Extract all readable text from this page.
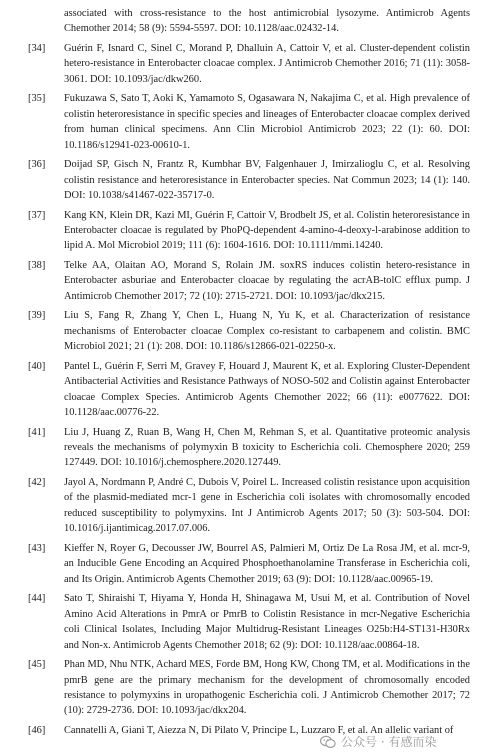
associated with cross-resistance to the host antimicrobial lysozyme. Antimicrob Agents Chemother 2014; 58 (9): 5594-5597. DOI: 10.1128/aac.02432-14.
[34]	Guérin F, Isnard C, Sinel C, Morand P, Dhalluin A, Cattoir V, et al. Cluster-dependent colistin hetero-resistance in Enterobacter cloacae complex. J Antimicrob Chemother 2016; 71 (11): 3058-3061. DOI: 10.1093/jac/dkw260.
[35]	Fukuzawa S, Sato T, Aoki K, Yamamoto S, Ogasawara N, Nakajima C, et al. High prevalence of colistin heteroresistance in specific species and lineages of Enterobacter cloacae complex derived from human clinical specimens. Ann Clin Microbiol Antimicrob 2023; 22 (1): 60. DOI: 10.1186/s12941-023-00610-1.
[36]	Doijad SP, Gisch N, Frantz R, Kumbhar BV, Falgenhauer J, Imirzalioglu C, et al. Resolving colistin resistance and heteroresistance in Enterobacter species. Nat Commun 2023; 14 (1): 140. DOI: 10.1038/s41467-022-35717-0.
[37]	Kang KN, Klein DR, Kazi MI, Guérin F, Cattoir V, Brodbelt JS, et al. Colistin heteroresistance in Enterobacter cloacae is regulated by PhoPQ-dependent 4-amino-4-deoxy-l-arabinose addition to lipid A. Mol Microbiol 2019; 111 (6): 1604-1616. DOI: 10.1111/mmi.14240.
[38]	Telke AA, Olaitan AO, Morand S, Rolain JM. soxRS induces colistin hetero-resistance in Enterobacter asburiae and Enterobacter cloacae by regulating the acrAB-tolC efflux pump. J Antimicrob Chemother 2017; 72 (10): 2715-2721. DOI: 10.1093/jac/dkx215.
[39]	Liu S, Fang R, Zhang Y, Chen L, Huang N, Yu K, et al. Characterization of resistance mechanisms of Enterobacter cloacae Complex co-resistant to carbapenem and colistin. BMC Microbiol 2021; 21 (1): 208. DOI: 10.1186/s12866-021-02250-x.
[40]	Pantel L, Guérin F, Serri M, Gravey F, Houard J, Maurent K, et al. Exploring Cluster-Dependent Antibacterial Activities and Resistance Pathways of NOSO-502 and Colistin against Enterobacter cloacae Complex Species. Antimicrob Agents Chemother 2022; 66 (11): e0077622. DOI: 10.1128/aac.00776-22.
[41]	Liu J, Huang Z, Ruan B, Wang H, Chen M, Rehman S, et al. Quantitative proteomic analysis reveals the mechanisms of polymyxin B toxicity to Escherichia coli. Chemosphere 2020; 259 127449. DOI: 10.1016/j.chemosphere.2020.127449.
[42]	Jayol A, Nordmann P, André C, Dubois V, Poirel L. Increased colistin resistance upon acquisition of the plasmid-mediated mcr-1 gene in Escherichia coli isolates with chromosomally encoded reduced susceptibility to polymyxins. Int J Antimicrob Agents 2017; 50 (3): 503-504. DOI: 10.1016/j.ijantimicag.2017.07.006.
[43]	Kieffer N, Royer G, Decousser JW, Bourrel AS, Palmieri M, Ortiz De La Rosa JM, et al. mcr-9, an Inducible Gene Encoding an Acquired Phosphoethanolamine Transferase in Escherichia coli, and Its Origin. Antimicrob Agents Chemother 2019; 63 (9): DOI: 10.1128/aac.00965-19.
[44]	Sato T, Shiraishi T, Hiyama Y, Honda H, Shinagawa M, Usui M, et al. Contribution of Novel Amino Acid Alterations in PmrA or PmrB to Colistin Resistance in mcr-Negative Escherichia coli Clinical Isolates, Including Major Multidrug-Resistant Lineages O25b:H4-ST131-H30Rx and Non-x. Antimicrob Agents Chemother 2018; 62 (9): DOI: 10.1128/aac.00864-18.
[45]	Phan MD, Nhu NTK, Achard MES, Forde BM, Hong KW, Chong TM, et al. Modifications in the pmrB gene are the primary mechanism for the development of chromosomally encoded resistance to polymyxins in uropathogenic Escherichia coli. J Antimicrob Chemother 2017; 72 (10): 2729-2736. DOI: 10.1093/jac/dkx204.
[46]	Cannatelli A, Giani T, Aiezza N, Di Pilato V, Principe L, Luzzaro F, et al. An allelic variant of
公众号 · 有感而染
